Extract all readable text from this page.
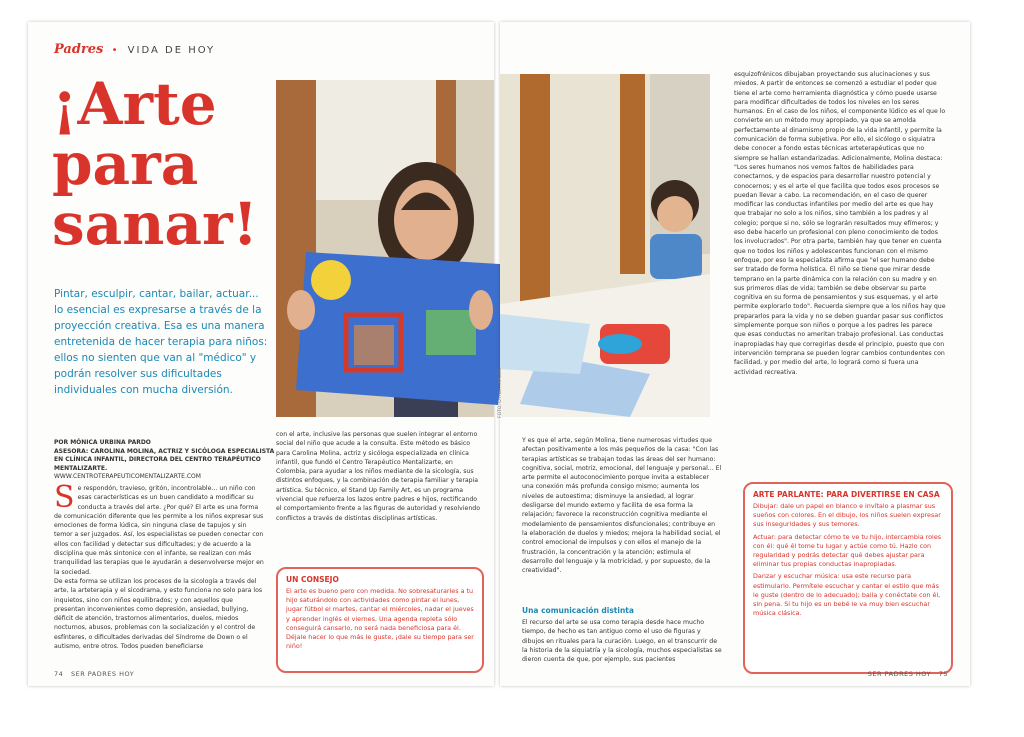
Padres • VIDA DE HOY
¡Arte
para
sanar!
Pintar, esculpir, cantar, bailar, actuar... lo esencial es expresarse a través de la proyección creativa. Esa es una manera entretenida de hacer terapia para niños: ellos no sienten que van al "médico" y podrán resolver sus dificultades individuales con mucha diversión.
POR MÓNICA URBINA PARDO
ASESORA: CAROLINA MOLINA, ACTRIZ Y SICÓLOGA ESPECIALISTA EN CLÍNICA INFANTIL, DIRECTORA DEL CENTRO TERAPÉUTICO MENTALIZARTE.
WWW.CENTROTERAPEUTICOMENTALIZARTE.COM
S e respondón, travieso, gritón, incontrolable... un niño con esas características es un buen candidato a modificar su conducta a través del arte. ¿Por qué? El arte es una forma de comunicación diferente que les permite a los niños expresar sus emociones de forma lúdica, sin ninguna clase de tapujos y sin temor a ser juzgados. Así, los especialistas se pueden conectar con ellos con facilidad y detectar sus dificultades; y de acuerdo a la disciplina que más sintonice con el infante, se realizan con más tranquilidad las terapias que le ayudarán a desenvolverse mejor en la sociedad.
De esta forma se utilizan los procesos de la sicología a través del arte, la arteterapia y el sicodrama, y esto funciona no solo para los inquietos, sino con niños equilibrados; y con aquellos que presentan inconvenientes como depresión, ansiedad, bullying, déficit de atención, trastornos alimentarios, duelos, miedos nocturnos, abusos, problemas con la socialización y el control de esfínteres, o dificultades derivadas del Síndrome de Down o el autismo, entre otros. Todos pueden beneficiarse
con el arte, inclusive las personas que suelen integrar el entorno social del niño que acude a la consulta. Este método es básico para Carolina Molina, actriz y sicóloga especializada en clínica infantil, que fundó el Centro Terapéutico Mentalizarte, en Colombia, para ayudar a los niños mediante de la sicología, sus distintos enfoques, y la combinación de terapia familiar y terapia artística. Su técnico, el Stand Up Family Art, es un programa vivencial que refuerza los lazos entre padres e hijos, rectificando el comportamiento frente a las figuras de autoridad y resolviendo conflictos a través de distintas disciplinas artísticas.
UN CONSEJO
El arte es bueno pero con medida. No sobresaturarles a tu hijo saturándolo con actividades como pintar el lunes, jugar fútbol el martes, cantar el miércoles, nadar el jueves y aprender inglés el viernes. Una agenda repleta sólo conseguirá cansarlo, no será nada beneficiosa para él. Déjale hacer lo que más le guste, ¡dale su tiempo para ser niño!
74 SER PADRES HOY
FOTO: OTHER IMAGES
Y es que el arte, según Molina, tiene numerosas virtudes que afectan positivamente a los más pequeños de la casa: "Con las terapias artísticas se trabajan todas las áreas del ser humano: cognitiva, social, motriz, emocional, del lenguaje y personal... El arte permite el autoconocimiento porque invita a establecer una conexión más profunda consigo mismo; aumenta los niveles de autoestima; disminuye la ansiedad, al lograr desligarse del mundo externo y facilita de esa forma la relajación; favorece la reconstrucción cognitiva mediante el modelamiento de pensamientos disfuncionales; contribuye en la elaboración de duelos y miedos; mejora la habilidad social, el control emocional de impulsos y con ellos el manejo de la frustración, la concentración y la atención; estimula el desarrollo del lenguaje y la motricidad, y por supuesto, de la creatividad".
Una comunicación distinta
El recurso del arte se usa como terapia desde hace mucho tiempo, de hecho es tan antiguo como el uso de figuras y dibujos en rituales para la curación. Luego, en el transcurrir de la historia de la siquiatría y la sicología, muchos especialistas se dieron cuenta de que, por ejemplo, sus pacientes
esquizofrénicos dibujaban proyectando sus alucinaciones y sus miedos. A partir de entonces se comenzó a estudiar el poder que tiene el arte como herramienta diagnóstica y cómo puede usarse para modificar dificultades de todos los niveles en los seres humanos. En el caso de los niños, el componente lúdico es el que lo convierte en un método muy apropiado, ya que se amolda perfectamente al dinamismo propio de la vida infantil, y permite la comunicación de forma subjetiva. Por ello, el sicólogo o siquiatra debe conocer a fondo estas técnicas arteterapéuticas que no siempre se hallan estandarizadas. Adicionalmente, Molina destaca: "Los seres humanos nos vemos faltos de habilidades para conectarnos, y de espacios para desarrollar nuestro potencial y conocernos; y es el arte el que facilita que todos esos procesos se puedan llevar a cabo. La recomendación, en el caso de querer modificar las conductas infantiles por medio del arte es que hay que trabajar no solo a los niños, sino también a los padres y al colegio; porque si no, sólo se lograrán resultados muy efímeros; y eso debe hacerlo un profesional con pleno conocimiento de todos los involucrados". Por otra parte, también hay que tener en cuenta que no todos los niños y adolescentes funcionan con el mismo enfoque, por eso la especialista afirma que "el ser humano debe ser tratado de forma holística. El niño se tiene que mirar desde temprano en la parte dinámica con la relación con su madre y en sus primeros días de vida; también se debe observar su parte cognitiva en su forma de pensamientos y sus esquemas, y el arte permite explorarlo todo". Recuerda siempre que a los niños hay que prepararlos para la vida y no se deben guardar pasar sus conflictos simplemente porque son niños o porque a los padres les parece que esas conductas no ameritan trabajo profesional. Las conductas inapropiadas hay que corregirlas desde el principio, puesto que con intervención temprana se pueden lograr cambios contundentes con facilidad, y por medio del arte, lo logrará como si fuera una actividad recreativa.
ARTE PARLANTE: PARA DIVERTIRSE EN CASA
Dibujar: dale un papel en blanco e invítalo a plasmar sus sueños con colores. En el dibujo, los niños suelen expresar sus inseguridades y sus temores.
Actuar: para detectar cómo te ve tu hijo, intercambia roles con él: qué él tome tu lugar y actúe como tú. Hazlo con regularidad y podrás detectar qué debes ajustar para eliminar tus propias conductas inapropiadas.
Danzar y escuchar música: usa este recurso para estimularlo. Permítele escuchar y cantar el estilo que más le guste (dentro de lo adecuado); baila y conéctate con él, sin pena. Si tu hijo es un bebé le va muy bien escuchar música clásica.
SER PADRES HOY 75
